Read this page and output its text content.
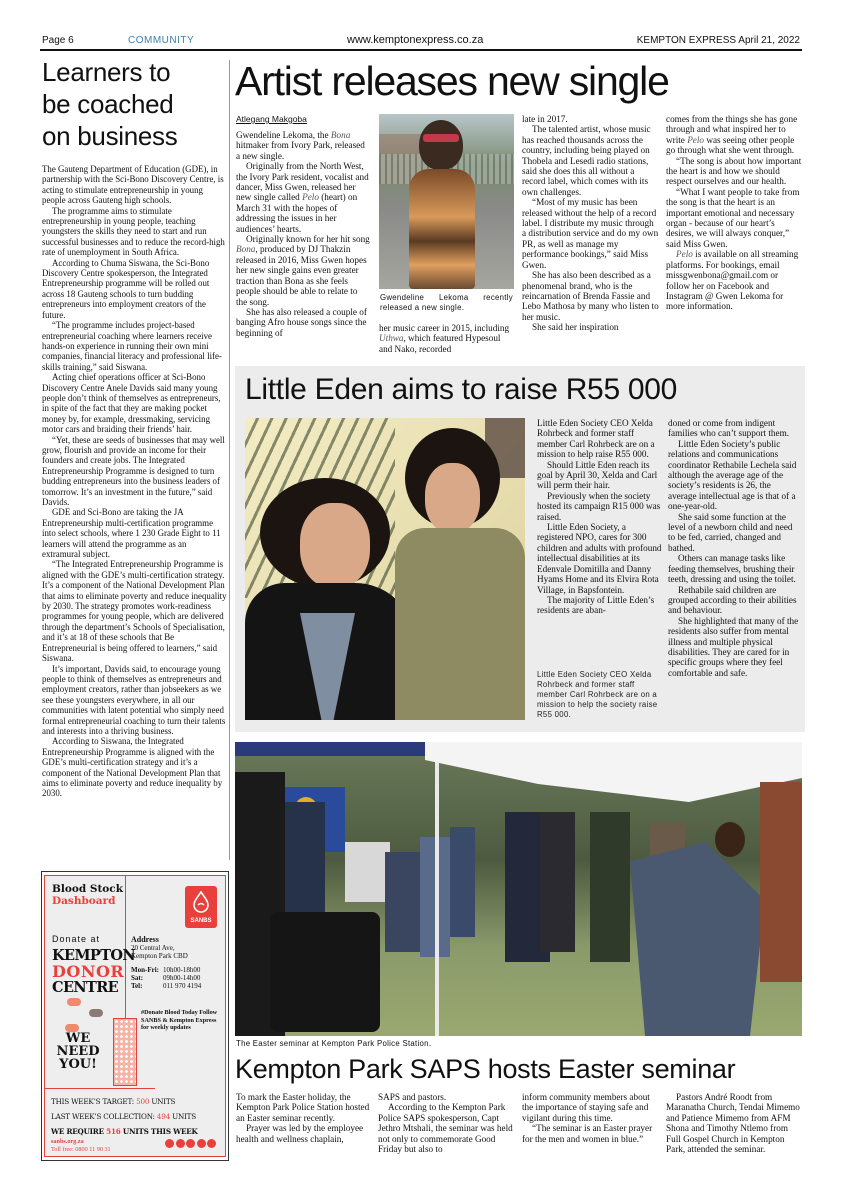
Page 6	COMMUNITY	www.kemptonexpress.co.za	KEMPTON EXPRESS April 21, 2022
Learners to
be coached
on business

The Gauteng Department of Education (GDE), in partnership with the Sci-Bono Discovery Centre, is acting to stimulate entrepreneurship in young people across Gauteng high schools.

The programme aims to stimulate entrepreneurship in young people, teaching youngsters the skills they need to start and run successful businesses and to reduce the record-high rate of unemployment in South Africa.

According to Chuma Siswana, the Sci-Bono Discovery Centre spokesperson, the Integrated Entrepreneurship programme will be rolled out across 18 Gauteng schools to turn budding entrepreneurs into employment creators of the future.

“The programme includes project-based entrepreneurial coaching where learners receive hands-on experience in running their own mini companies, financial literacy and professional life-skills training,” said Siswana.

Acting chief operations officer at Sci-Bono Discovery Centre Anele Davids said many young people don’t think of themselves as entrepreneurs, in spite of the fact that they are making pocket money by, for example, dressmaking, servicing motor cars and braiding their friends’ hair.

“Yet, these are seeds of businesses that may well grow, flourish and provide an income for their founders and create jobs. The Integrated Entrepreneurship Programme is designed to turn budding entrepreneurs into the business leaders of tomorrow. It’s an investment in the future,” said Davids.

GDE and Sci-Bono are taking the JA Entrepreneurship multi-certification programme into select schools, where 1 230 Grade Eight to 11 learners will attend the programme as an extramural subject.

“The Integrated Entrepreneurship Programme is aligned with the GDE’s multi-certification strategy. It’s a component of the National Development Plan that aims to eliminate poverty and reduce inequality by 2030. The strategy promotes work-readiness programmes for young people, which are delivered through the department’s Schools of Specialisation, and it’s at 18 of these schools that Be Entrepreneurial is being offered to learners,” said Siswana.

It’s important, Davids said, to encourage young people to think of themselves as entrepreneurs and employment creators, rather than jobseekers as we see these youngsters everywhere, in all our communities with latent potential who simply need formal entrepreneurial coaching to turn their talents and interests into a thriving business.

According to Siswana, the Integrated Entrepreneurship Programme is aligned with the GDE’s multi-certification strategy and it’s a component of the National Development Plan that aims to eliminate poverty and reduce inequality by 2030.

Blood Stock
Dashboard
SANBS
Donate at
KEMPTON
DONOR
CENTRE
Address
20 Central Ave,
Kempton Park CBD
Mon-Fri: 10h00-18h00
Sat:	09h00-14h00
Tel:	011 970 4194
#Donate Blood Today Follow SANBS & Kempton Express for weekly updates
WE
NEED
YOU!
THIS WEEK’S TARGET: 500 UNITS
LAST WEEK’S COLLECTION: 494 UNITS
WE REQUIRE 516 UNITS THIS WEEK
sanbs.org.za
Toll free: 0800 11 90 31
Artist releases new single
Atlegang Makgoba

Gwendeline Lekoma, the Bona hitmaker from Ivory Park, released a new single.

Originally from the North West, the Ivory Park resident, vocalist and dancer, Miss Gwen, released her new single called Pelo (heart) on March 31 with the hopes of addressing the issues in her audiences’ hearts.

Originally known for her hit song Bona, produced by DJ Thakzin released in 2016, Miss Gwen hopes her new single gains even greater traction than Bona as she feels people should be able to relate to the song.

She has also released a couple of banging Afro house songs since the beginning of

Gwendeline Lekoma recently released a new single.

her music career in 2015, including Uthwa, which featured Hypesoul and Nako, recorded

late in 2017.

The talented artist, whose music has reached thousands across the country, including being played on Thobela and Lesedi radio stations, said she does this all without a record label, which comes with its own challenges.

“Most of my music has been released without the help of a record label. I distribute my music through a distribution service and do my own PR, as well as manage my performance bookings,” said Miss Gwen.

She has also been described as a phenomenal brand, who is the reincarnation of Brenda Fassie and Lebo Mathosa by many who listen to her music.

She said her inspiration

comes from the things she has gone through and what inspired her to write Pelo was seeing other people go through what she went through.

“The song is about how important the heart is and how we should respect ourselves and our health.

“What I want people to take from the song is that the heart is an important emotional and necessary organ - because of our heart’s desires, we will always conquer,” said Miss Gwen.

Pelo is available on all streaming platforms. For bookings, email missgwenbona@gmail.com or follow her on Facebook and Instagram @ Gwen Lekoma for more information.

Little Eden aims to raise R55 000

Little Eden Society CEO Xelda Rohrbeck and former staff member Carl Rohrbeck are on a mission to help raise R55 000.

Should Little Eden reach its goal by April 30, Xelda and Carl will perm their hair.

Previously when the society hosted its campaign R15 000 was raised.

Little Eden Society, a registered NPO, cares for 300 children and adults with profound intellectual disabilities at its Edenvale Domitilla and Danny Hyams Home and its Elvira Rota Village, in Bapsfontein.

The majority of Little Eden’s residents are aban-

Little Eden Society CEO Xelda Rohrbeck and former staff member Carl Rohrbeck are on a mission to help the society raise R55 000.

doned or come from indigent families who can’t support them.

Little Eden Society’s public relations and communications coordinator Rethabile Lechela said although the average age of the society’s residents is 26, the average intellectual age is that of a one-year-old.

She said some function at the level of a newborn child and need to be fed, carried, changed and bathed.

Others can manage tasks like feeding themselves, brushing their teeth, dressing and using the toilet.

Rethabile said children are grouped according to their abilities and behaviour.

She highlighted that many of the residents also suffer from mental illness and multiple physical disabilities. They are cared for in specific groups where they feel comfortable and safe.

The Easter seminar at Kempton Park Police Station.
Kempton Park SAPS hosts Easter seminar

To mark the Easter holiday, the Kempton Park Police Station hosted an Easter seminar recently.

Prayer was led by the employee health and wellness chaplain,

SAPS and pastors.

According to the Kempton Park Police SAPS spokesperson, Capt Jethro Mtshali, the seminar was held not only to commemorate Good Friday but also to

inform community members about the importance of staying safe and vigilant during this time.

“The seminar is an Easter prayer for the men and women in blue.”

Pastors André Roodt from Maranatha Church, Tendai Mimemo and Patience Mimemo from AFM Shona and Timothy Ntlemo from Full Gospel Church in Kempton Park, attended the seminar.
